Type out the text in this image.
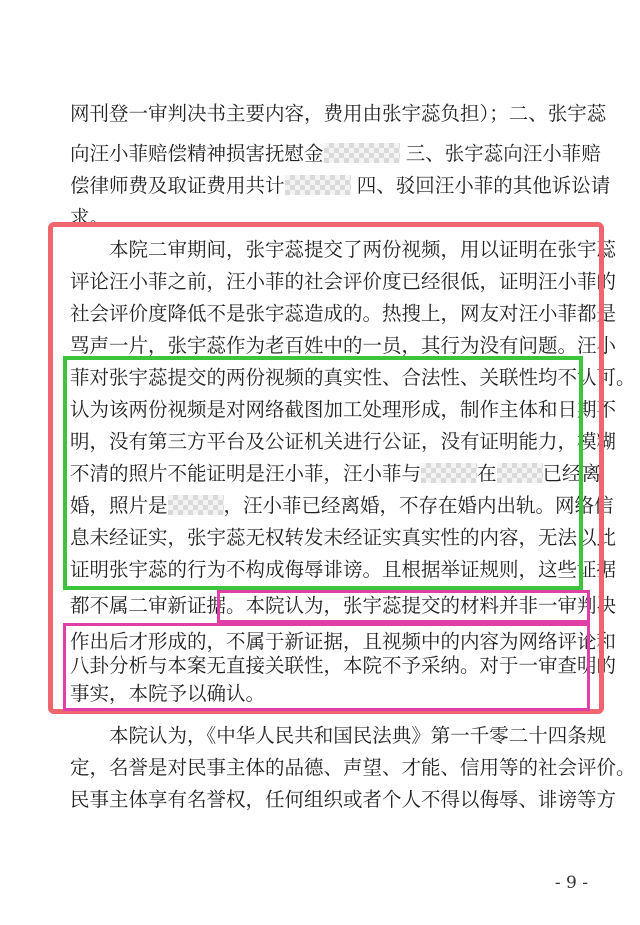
网刊登一审判决书主要内容，费用由张宇蕊负担）；二、张宇蕊
向汪小菲赔偿精神损害抚慰金	三、张宇蕊向汪小菲赔
偿律师费及取证费用共计	四、驳回汪小菲的其他诉讼请
求。
　　本院二审期间，张宇蕊提交了两份视频，用以证明在张宇蕊
评论汪小菲之前，汪小菲的社会评价度已经很低，证明汪小菲的
社会评价度降低不是张宇蕊造成的。热搜上，网友对汪小菲都是
骂声一片，张宇蕊作为老百姓中的一员，其行为没有问题。汪小
菲对张宇蕊提交的两份视频的真实性、合法性、关联性均不认可。
认为该两份视频是对网络截图加工处理形成，制作主体和日期不
明，没有第三方平台及公证机关进行公证，没有证明能力，模糊
不清的照片不能证明是汪小菲，汪小菲与	在 已经离
婚，照片是	，汪小菲已经离婚，不存在婚内出轨。网络信
息未经证实，张宇蕊无权转发未经证实真实性的内容，无法以此
证明张宇蕊的行为不构成侮辱诽谤。且根据举证规则，这些证据
都不属二审新证据。本院认为，张宇蕊提交的材料并非一审判决
作出后才形成的，不属于新证据，且视频中的内容为网络评论和
八卦分析与本案无直接关联性，本院不予采纳。对于一审查明的
事实，本院予以确认。
　　本院认为，《中华人民共和国民法典》第一千零二十四条规
定，名誉是对民事主体的品德、声望、才能、信用等的社会评价。
民事主体享有名誉权，任何组织或者个人不得以侮辱、诽谤等方
- 9 -
